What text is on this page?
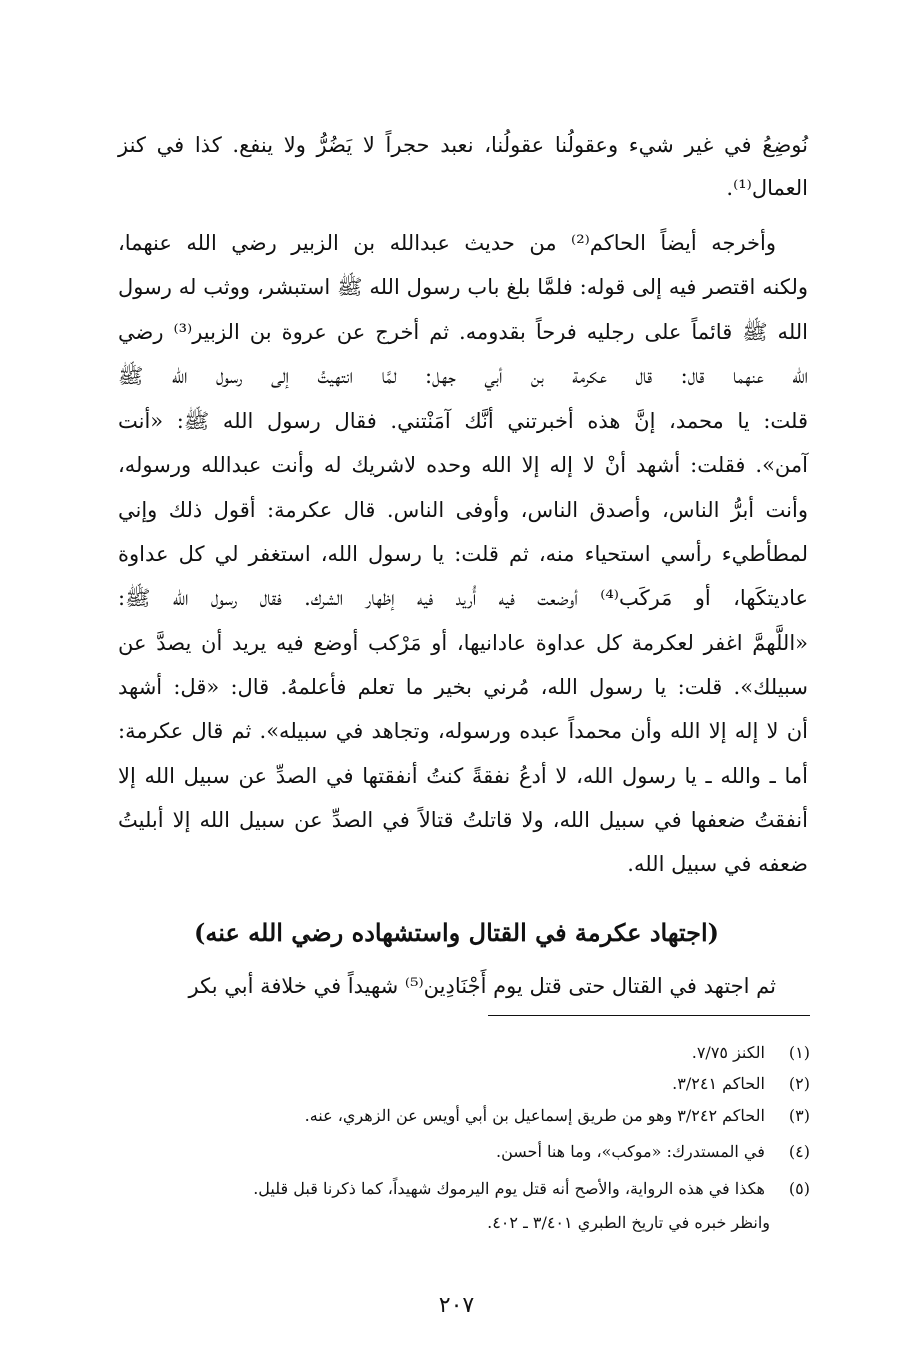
نُوضِعُ في غير شيء وعقولُنا عقولُنا، نعبد حجراً لا يَضُرُّ ولا ينفع. كذا في كنز
العمال⁽¹⁾.
وأخرجه أيضاً الحاكم⁽²⁾ من حديث عبدالله بن الزبير رضي الله عنهما،
ولكنه اقتصر فيه إلى قوله: فلمَّا بلغ باب رسول الله ﷺ استبشر، ووثب له رسول
الله ﷺ قائماً على رجليه فرحاً بقدومه. ثم أخرج عن عروة بن الزبير⁽³⁾ رضي
الله عنهما قال: قال عكرمة بن أبي جهل: لمَّا انتهيتُ إلى رسول الله ﷺ
قلت: يا محمد، إنَّ هذه أخبرتني أنَّك آمَنْتني. فقال رسول الله ﷺ: «أنت
آمن». فقلت: أشهد أنْ لا إله إلا الله وحده لاشريك له وأنت عبدالله ورسوله،
وأنت أبرُّ الناس، وأصدق الناس، وأوفى الناس. قال عكرمة: أقول ذلك وإني
لمطأطيء رأسي استحياء منه، ثم قلت: يا رسول الله، استغفر لي كل عداوة
عاديتكَها، أو مَركَب⁽⁴⁾ أوضعت فيه أُريد فيه إظهار الشرك. فقال رسول الله ﷺ:
«اللَّهمَّ اغفر لعكرمة كل عداوة عادانيها، أو مَرْكب أوضع فيه يريد أن يصدَّ عن
سبيلك». قلت: يا رسول الله، مُرني بخير ما تعلم فأعلمهُ. قال: «قل: أشهد
أن لا إله إلا الله وأن محمداً عبده ورسوله، وتجاهد في سبيله». ثم قال عكرمة:
أما ـ والله ـ يا رسول الله، لا أدعُ نفقةً كنتُ أنفقتها في الصدِّ عن سبيل الله إلا
أنفقتُ ضعفها في سبيل الله، ولا قاتلتُ قتالاً في الصدِّ عن سبيل الله إلا أبليتُ
ضعفه في سبيل الله.
(اجتهاد عكرمة في القتال واستشهاده رضي الله عنه)
ثم اجتهد في القتال حتى قتل يوم أَجْنَادِين⁽⁵⁾ شهيداً في خلافة أبي بكر
(١) الكنز ٧/٧٥.
(٢) الحاكم ٣/٢٤١.
(٣) الحاكم ٣/٢٤٢ وهو من طريق إسماعيل بن أبي أويس عن الزهري، عنه.
(٤) في المستدرك: «موكب»، وما هنا أحسن.
(٥) هكذا في هذه الرواية، والأصح أنه قتل يوم اليرموك شهيداً، كما ذكرنا قبل قليل.
وانظر خبره في تاريخ الطبري ٣/٤٠١ ـ ٤٠٢.
٢٠٧
